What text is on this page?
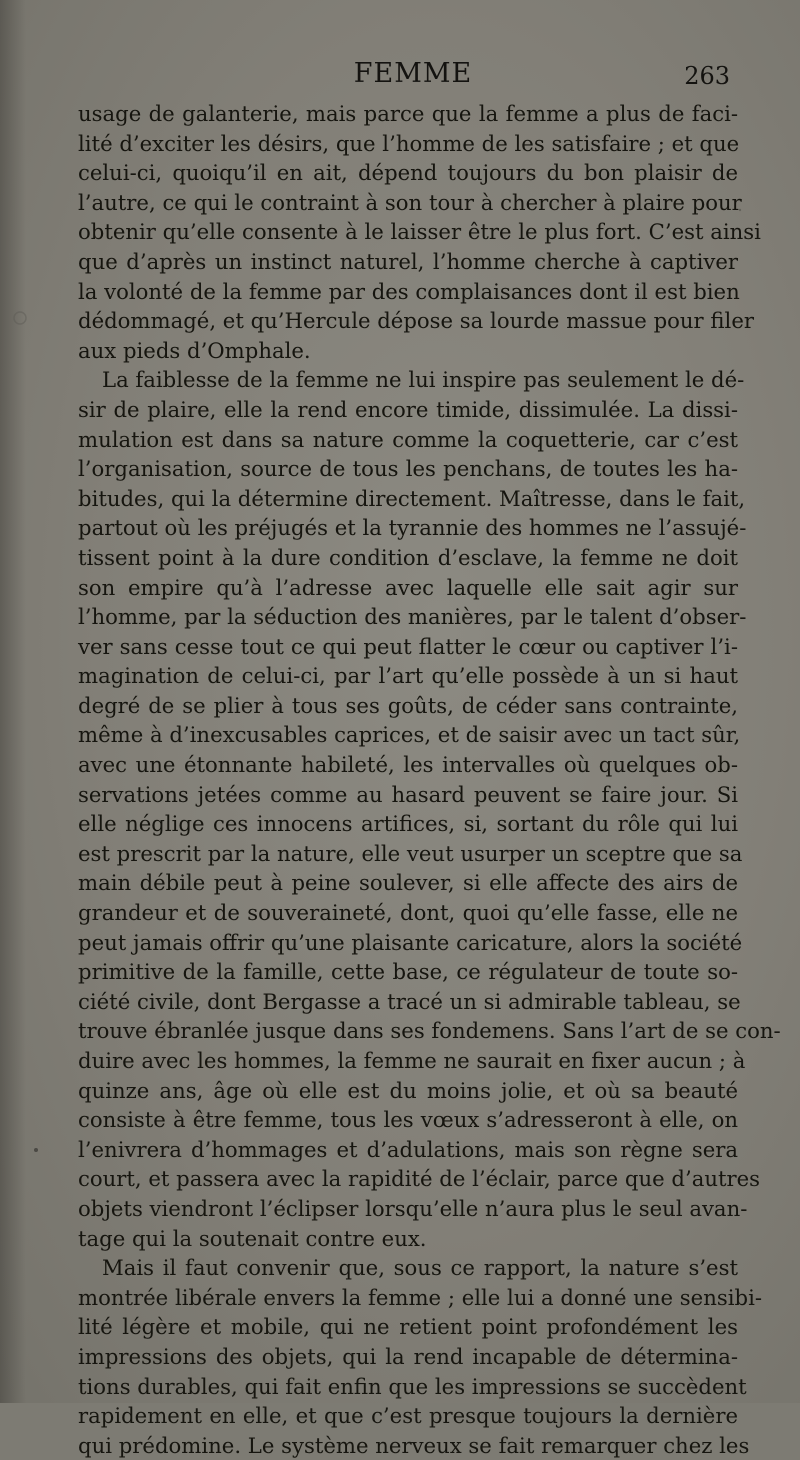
FEMME	263
usage de galanterie, mais parce que la femme a plus de faci-
lité d’exciter les désirs, que l’homme de les satisfaire ; et que
celui-ci, quoiqu’il en ait, dépend toujours du bon plaisir de
l’autre, ce qui le contraint à son tour à chercher à plaire pour
obtenir qu’elle consente à le laisser être le plus fort. C’est ainsi
que d’après un instinct naturel, l’homme cherche à captiver
la volonté de la femme par des complaisances dont il est bien
dédommagé, et qu’Hercule dépose sa lourde massue pour filer
aux pieds d’Omphale.
La faiblesse de la femme ne lui inspire pas seulement le dé-
sir de plaire, elle la rend encore timide, dissimulée. La dissi-
mulation est dans sa nature comme la coquetterie, car c’est
l’organisation, source de tous les penchans, de toutes les ha-
bitudes, qui la détermine directement. Maîtresse, dans le fait,
partout où les préjugés et la tyrannie des hommes ne l’assujé-
tissent point à la dure condition d’esclave, la femme ne doit
son empire qu’à l’adresse avec laquelle elle sait agir sur
l’homme, par la séduction des manières, par le talent d’obser-
ver sans cesse tout ce qui peut flatter le cœur ou captiver l’i-
magination de celui-ci, par l’art qu’elle possède à un si haut
degré de se plier à tous ses goûts, de céder sans contrainte,
même à d’inexcusables caprices, et de saisir avec un tact sûr,
avec une étonnante habileté, les intervalles où quelques ob-
servations jetées comme au hasard peuvent se faire jour. Si
elle néglige ces innocens artifices, si, sortant du rôle qui lui
est prescrit par la nature, elle veut usurper un sceptre que sa
main débile peut à peine soulever, si elle affecte des airs de
grandeur et de souveraineté, dont, quoi qu’elle fasse, elle ne
peut jamais offrir qu’une plaisante caricature, alors la société
primitive de la famille, cette base, ce régulateur de toute so-
ciété civile, dont Bergasse a tracé un si admirable tableau, se
trouve ébranlée jusque dans ses fondemens. Sans l’art de se con-
duire avec les hommes, la femme ne saurait en fixer aucun ; à
quinze ans, âge où elle est du moins jolie, et où sa beauté
consiste à être femme, tous les vœux s’adresseront à elle, on
l’enivrera d’hommages et d’adulations, mais son règne sera
court, et passera avec la rapidité de l’éclair, parce que d’autres
objets viendront l’éclipser lorsqu’elle n’aura plus le seul avan-
tage qui la soutenait contre eux.
Mais il faut convenir que, sous ce rapport, la nature s’est
montrée libérale envers la femme ; elle lui a donné une sensibi-
lité légère et mobile, qui ne retient point profondément les
impressions des objets, qui la rend incapable de détermina-
tions durables, qui fait enfin que les impressions se succèdent
rapidement en elle, et que c’est presque toujours la dernière
qui prédomine. Le système nerveux se fait remarquer chez les
